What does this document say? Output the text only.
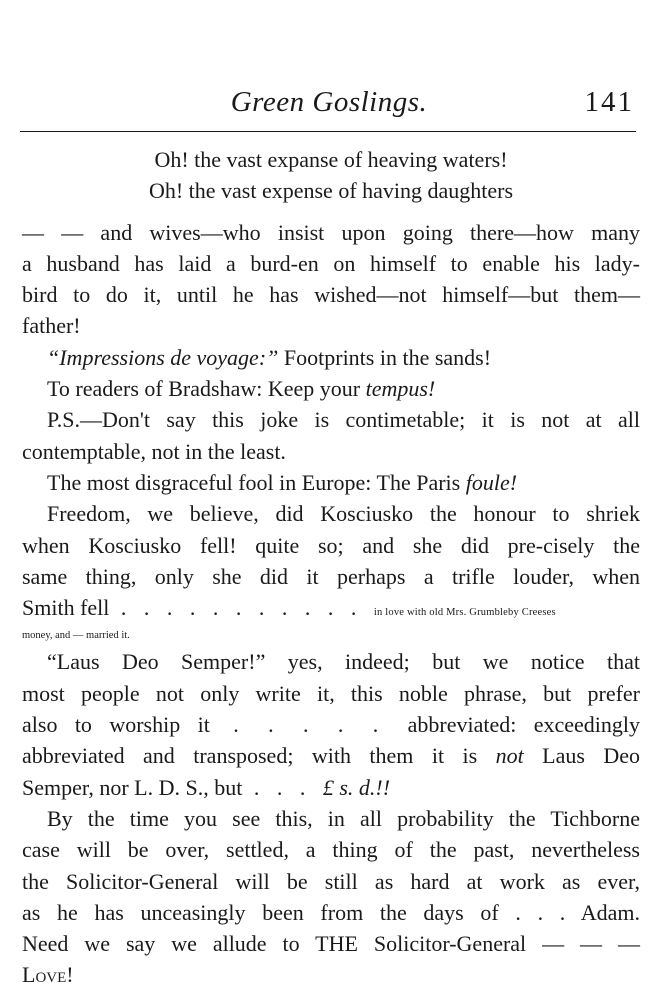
Green Goslings.	141
Oh! the vast expanse of heaving waters!
Oh! the vast expense of having daughters

— — and wives—who insist upon going there—how many

a husband has laid a burd-en on himself to enable his lady-

bird to do it, until he has wished—not himself—but them—

father!

“Impressions de voyage:” Footprints in the sands!

To readers of Bradshaw: Keep your tempus!

P.S.—Don't say this joke is contimetable; it is not at all

contemptable, not in the least.

The most disgraceful fool in Europe: The Paris foule!

Freedom, we believe, did Kosciusko the honour to shriek

when Kosciusko fell! quite so; and she did pre-cisely the

same thing, only she did it perhaps a trifle louder, when

Smith fell . . . . . . . . . . . in love with old Mrs. Grumbleby Creeses

money, and — married it.

“Laus Deo Semper!” yes, indeed; but we notice that

most people not only write it, this noble phrase, but prefer

also to worship it . . . . . abbreviated: exceedingly

abbreviated and transposed; with them it is not Laus Deo

Semper, nor L. D. S., but . . . £ s. d.!!

By the time you see this, in all probability the Tichborne

case will be over, settled, a thing of the past, nevertheless

the Solicitor-General will be still as hard at work as ever,

as he has unceasingly been from the days of . . . Adam.

Need we say we allude to THE Solicitor-General — — —

Love!
